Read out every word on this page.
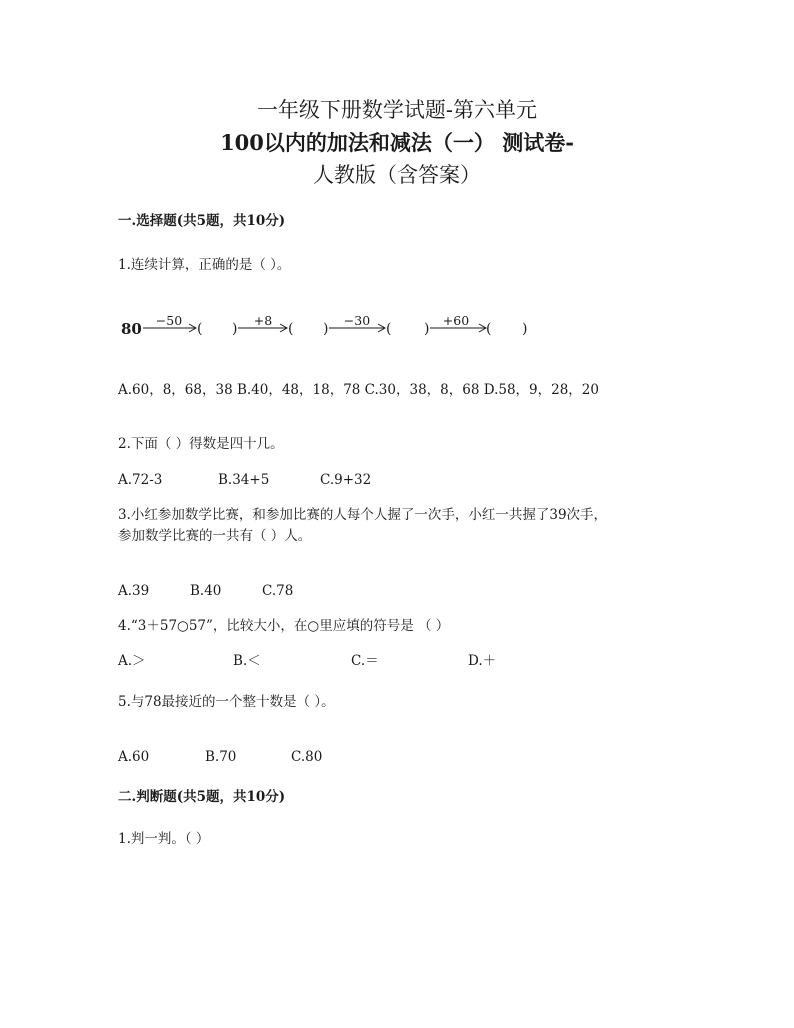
一年级下册数学试题-第六单元
100以内的加法和减法（一） 测试卷-
人教版（含答案）
一.选择题(共5题，共10分)
1.连续计算，正确的是（ ）。
80	−50
( )
+8
( )
−30
( )
+60
( )
A.60，8，68，38 B.40，48，18，78 C.30，38，8，68 D.58，9，28，20
2.下面（ ）得数是四十几。
A.72-3	B.34+5	C.9+32
3.小红参加数学比赛，和参加比赛的人每个人握了一次手，小红一共握了39次手，
参加数学比赛的一共有（ ）人。
A.39	B.40	C.78
4.“3＋57○57”，比较大小，在○里应填的符号是 （ ）
A.＞	B.＜	C.＝	D.＋
5.与78最接近的一个整十数是（ ）。
A.60	B.70	C.80
二.判断题(共5题，共10分)
1.判一判。（ ）
